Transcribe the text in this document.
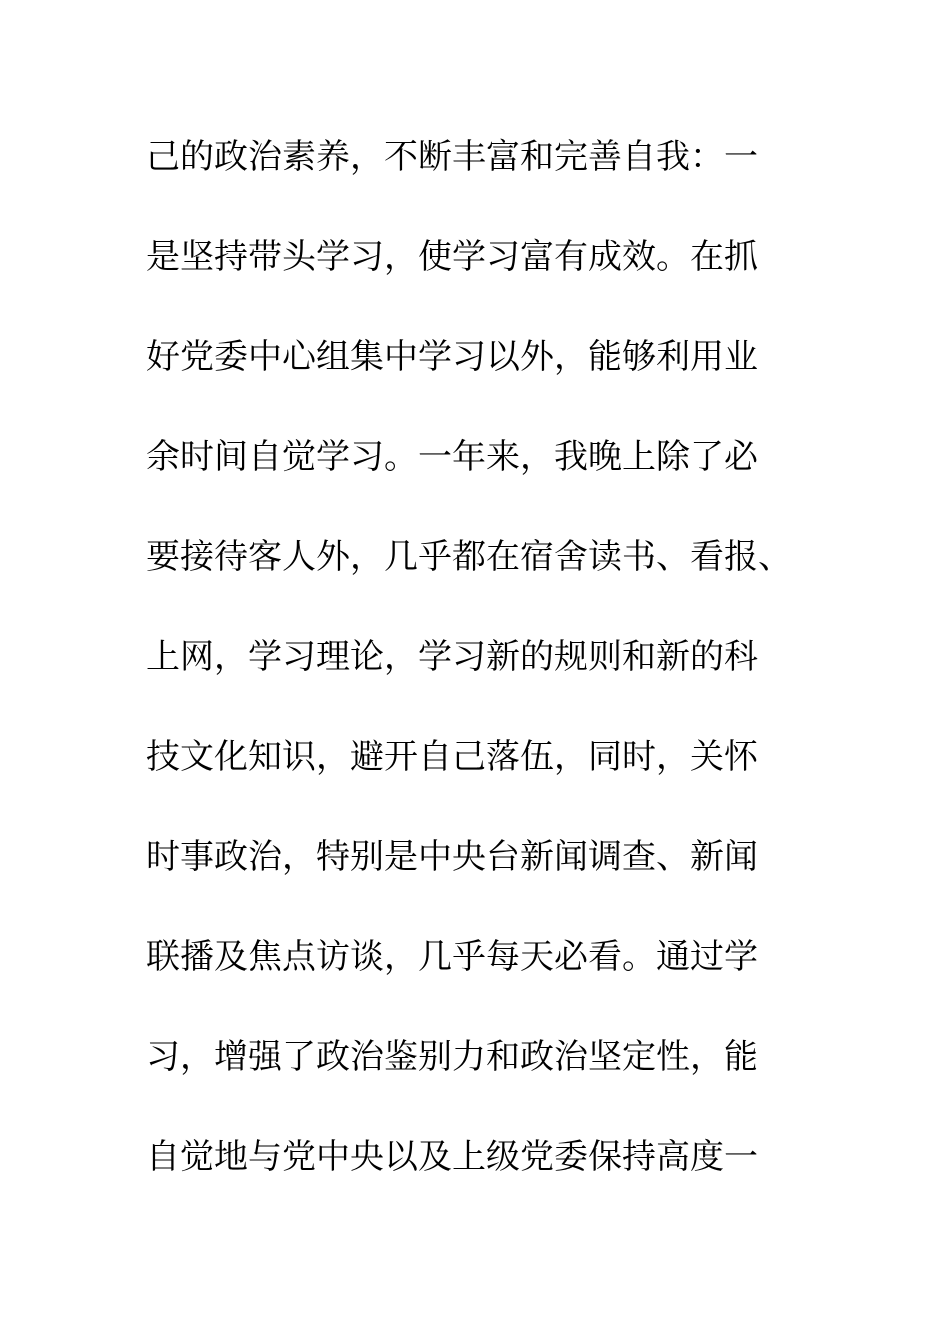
己的政治素养，不断丰富和完善自我：一
是坚持带头学习，使学习富有成效。在抓
好党委中心组集中学习以外，能够利用业
余时间自觉学习。一年来，我晚上除了必
要接待客人外，几乎都在宿舍读书、看报、
上网，学习理论，学习新的规则和新的科
技文化知识，避开自己落伍，同时，关怀
时事政治，特别是中央台新闻调查、新闻
联播及焦点访谈，几乎每天必看。通过学
习，增强了政治鉴别力和政治坚定性，能
自觉地与党中央以及上级党委保持高度一
